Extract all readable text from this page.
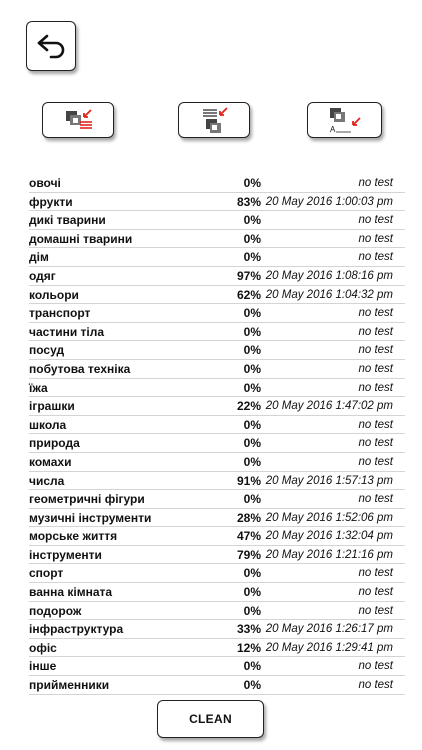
A
овочі	0%	no test
фрукти	83% 20 May 2016 1:00:03 pm
дикі тварини	0%	no test
домашні тварини	0%	no test
дім	0%	no test
одяг	97% 20 May 2016 1:08:16 pm
кольори	62% 20 May 2016 1:04:32 pm
транспорт	0%	no test
частини тіла	0%	no test
посуд	0%	no test
побутова техніка	0%	no test
їжа	0%	no test
іграшки	22% 20 May 2016 1:47:02 pm
школа	0%	no test
природа	0%	no test
комахи	0%	no test
числа	91% 20 May 2016 1:57:13 pm
геометричні фігури	0%	no test
музичні інструменти	28% 20 May 2016 1:52:06 pm
морське життя	47% 20 May 2016 1:32:04 pm
інструменти	79% 20 May 2016 1:21:16 pm
спорт	0%	no test
ванна кімната	0%	no test
подорож	0%	no test
інфраструктура	33% 20 May 2016 1:26:17 pm
офіс	12% 20 May 2016 1:29:41 pm
інше	0%	no test
прийменники	0%	no test
CLEAN
